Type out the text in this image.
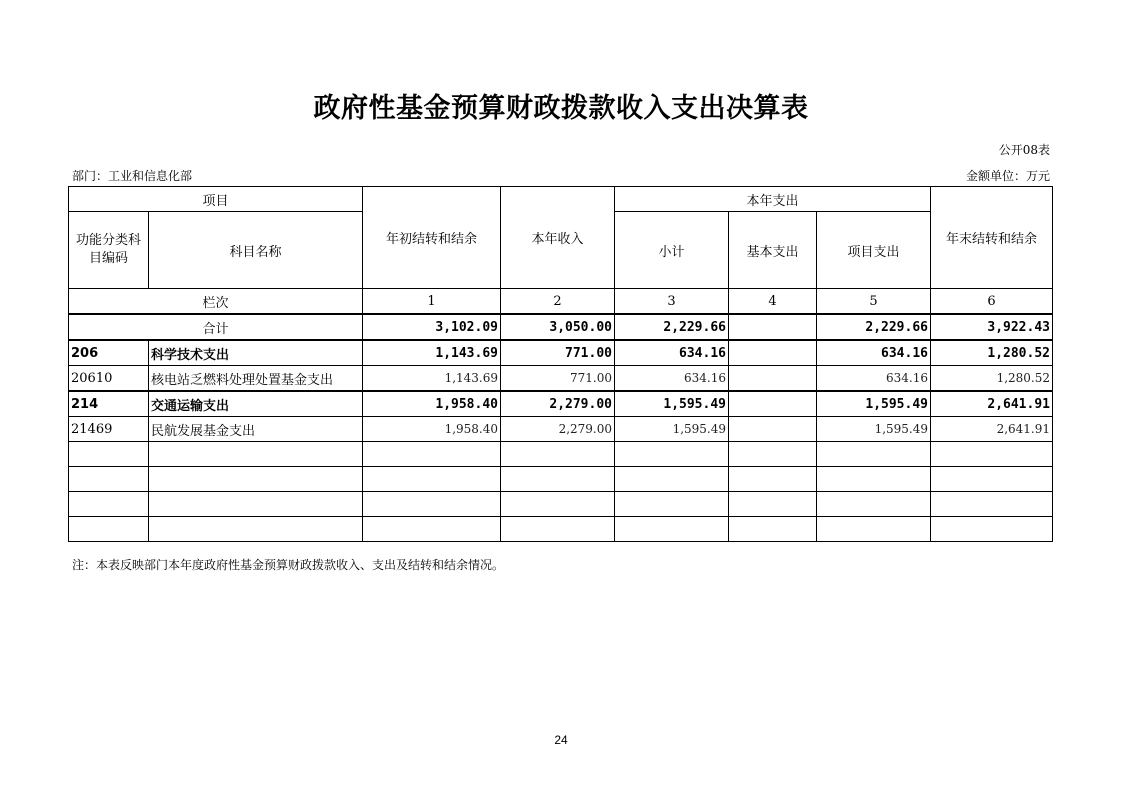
政府性基金预算财政拨款收入支出决算表
公开08表
部门：工业和信息化部	金额单位：万元
项目		年初结转和结余	本年收入	本年支出			年末结转和结余
功能分类科目编码	科目名称			小计	基本支出	项目支出	
栏次		1	2	3	4	5	6
合计		3,102.09	3,050.00	2,229.66		2,229.66	3,922.43
206	科学技术支出	1,143.69	771.00	634.16		634.16	1,280.52
20610	核电站乏燃料处理处置基金支出	1,143.69	771.00	634.16		634.16	1,280.52
214	交通运输支出	1,958.40	2,279.00	1,595.49		1,595.49	2,641.91
21469	民航发展基金支出	1,958.40	2,279.00	1,595.49		1,595.49	2,641.91

注：本表反映部门本年度政府性基金预算财政拨款收入、支出及结转和结余情况。
24
